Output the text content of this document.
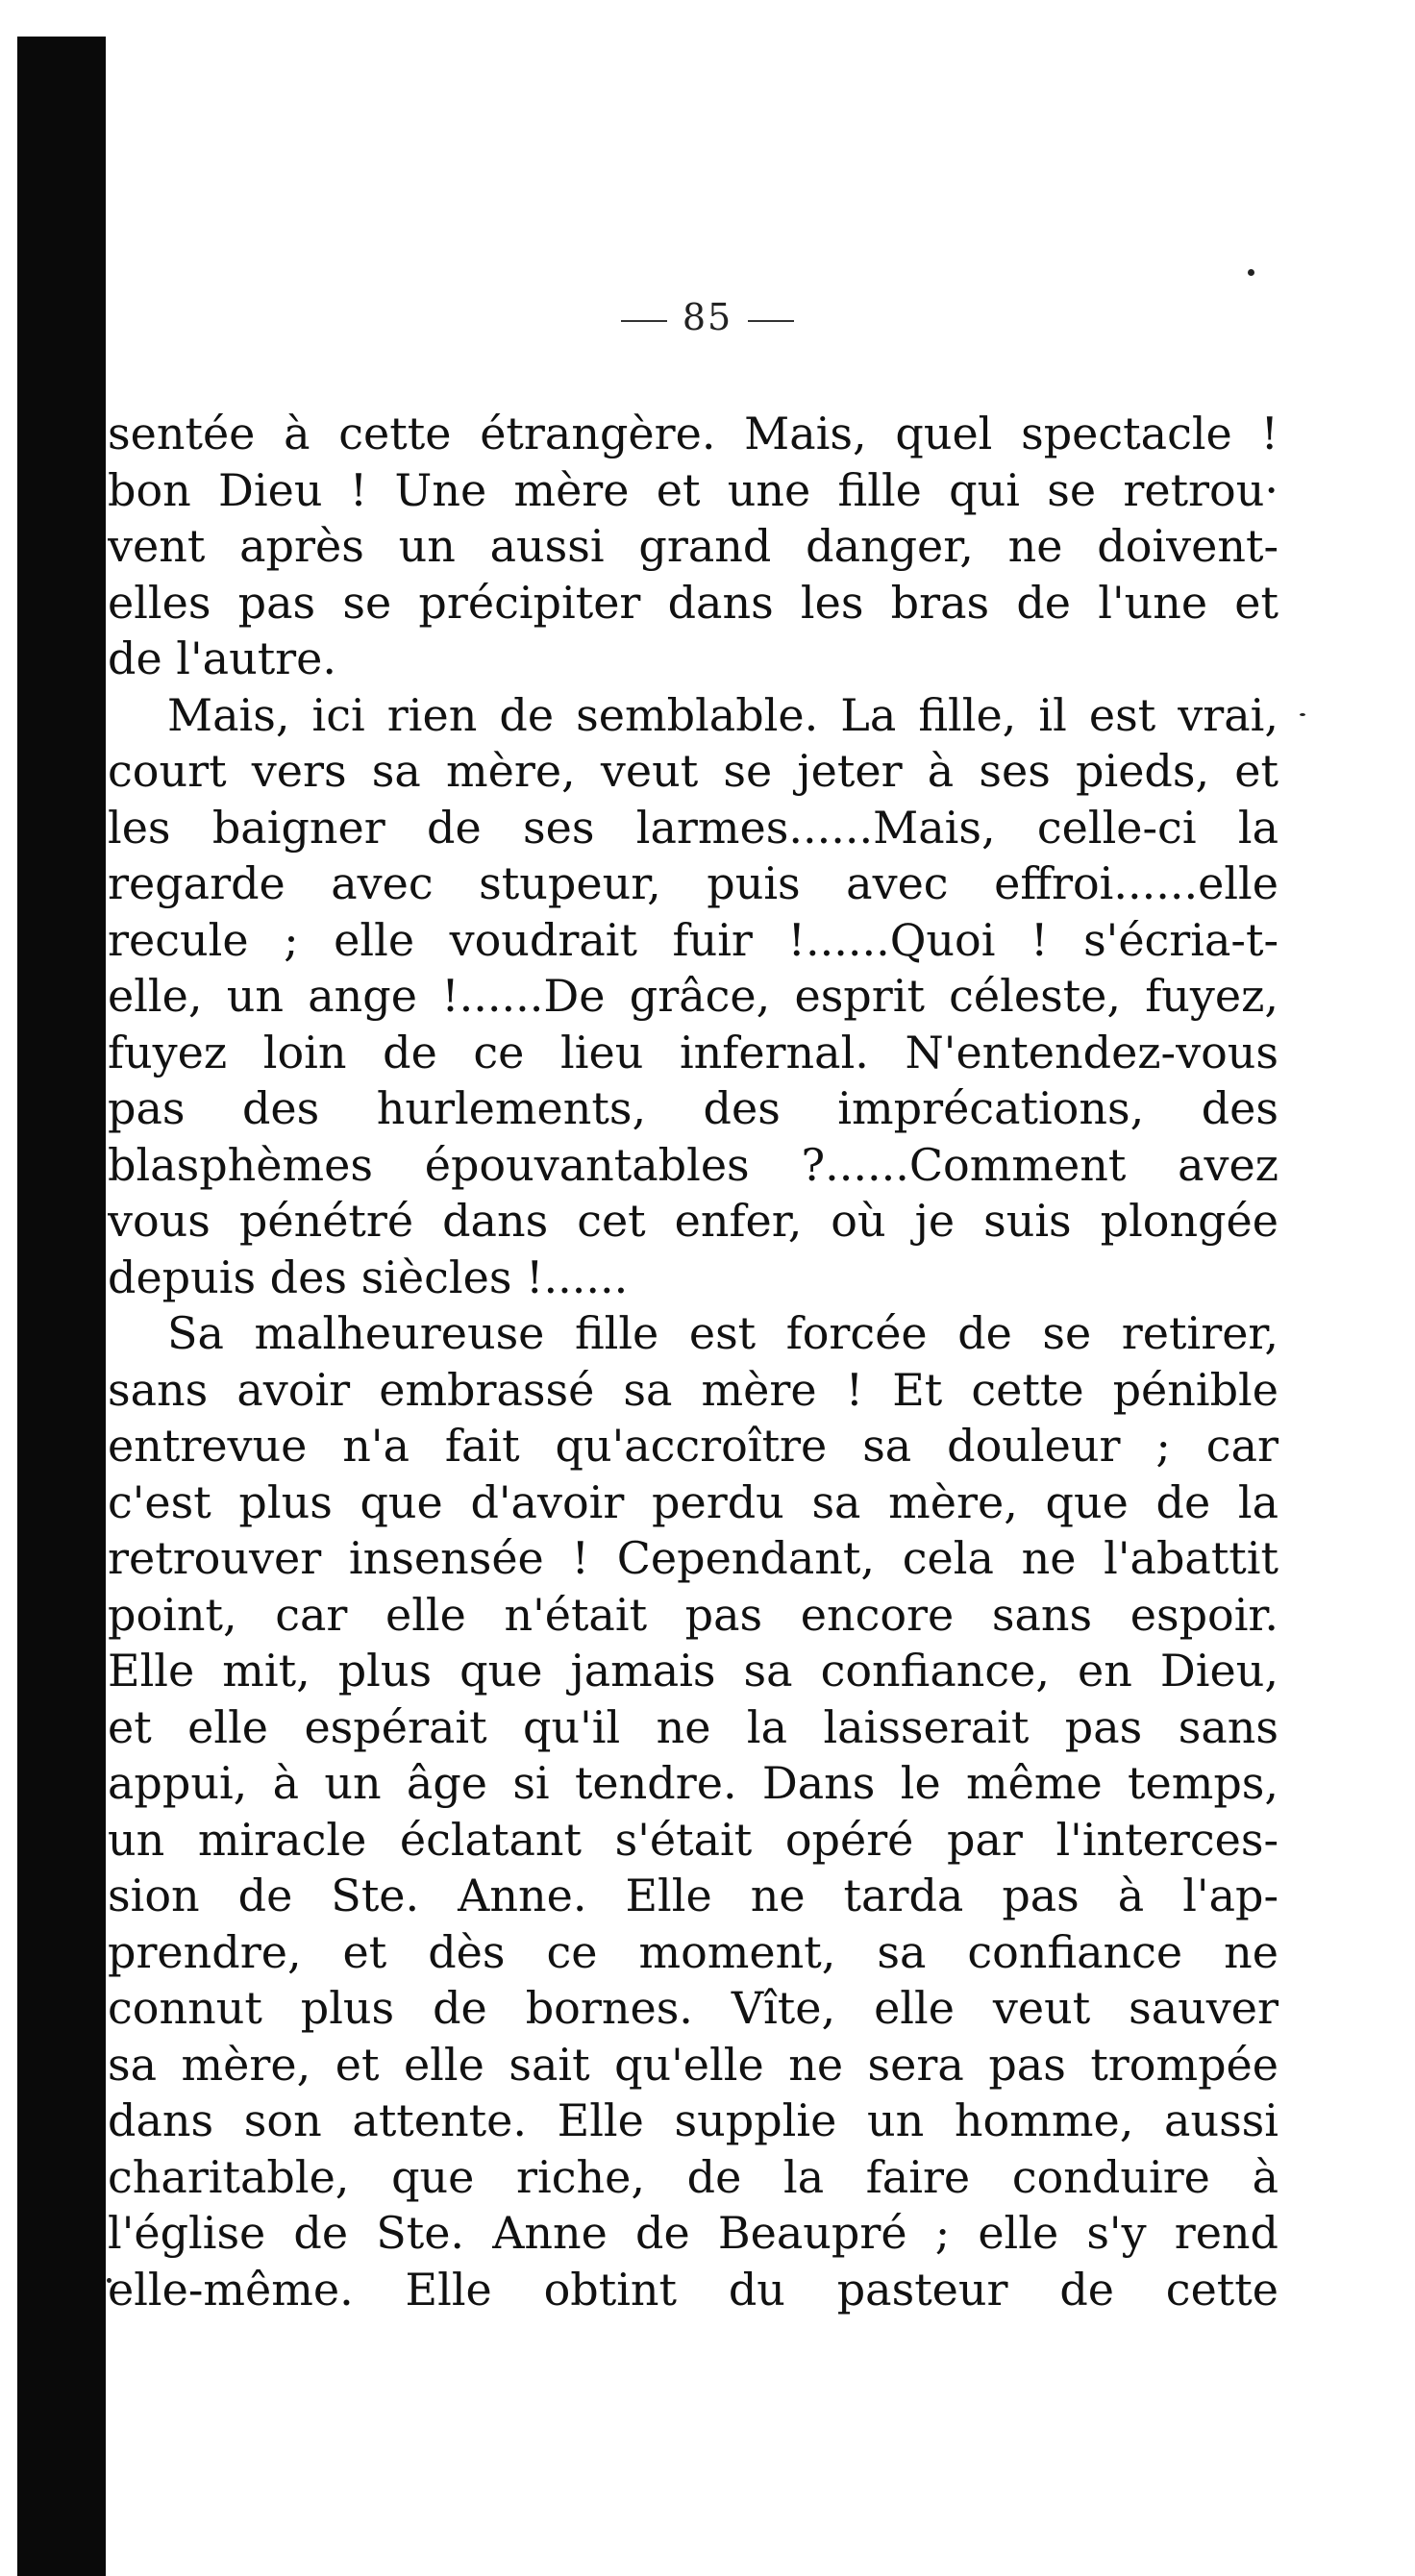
85
sentée à cette étrangère. Mais, quel spectacle !
bon Dieu ! Une mère et une fille qui se retrou·
vent après un aussi grand danger, ne doivent-
elles pas se précipiter dans les bras de l'une et
de l'autre.
Mais, ici rien de semblable. La fille, il est vrai,
court vers sa mère, veut se jeter à ses pieds, et
les baigner de ses larmes......Mais, celle-ci la
regarde avec stupeur, puis avec effroi......elle
recule ; elle voudrait fuir !......Quoi ! s'écria-t-
elle, un ange !......De grâce, esprit céleste, fuyez,
fuyez loin de ce lieu infernal. N'entendez-vous
pas des hurlements, des imprécations, des
blasphèmes épouvantables ?......Comment avez
vous pénétré dans cet enfer, où je suis plongée
depuis des siècles !......
Sa malheureuse fille est forcée de se retirer,
sans avoir embrassé sa mère ! Et cette pénible
entrevue n'a fait qu'accroître sa douleur ; car
c'est plus que d'avoir perdu sa mère, que de la
retrouver insensée ! Cependant, cela ne l'abattit
point, car elle n'était pas encore sans espoir.
Elle mit, plus que jamais sa confiance, en Dieu,
et elle espérait qu'il ne la laisserait pas sans
appui, à un âge si tendre. Dans le même temps,
un miracle éclatant s'était opéré par l'interces-
sion de Ste. Anne. Elle ne tarda pas à l'ap-
prendre, et dès ce moment, sa confiance ne
connut plus de bornes. Vîte, elle veut sauver
sa mère, et elle sait qu'elle ne sera pas trompée
dans son attente. Elle supplie un homme, aussi
charitable, que riche, de la faire conduire à
l'église de Ste. Anne de Beaupré ; elle s'y rend
elle-même. Elle obtint du pasteur de cette
